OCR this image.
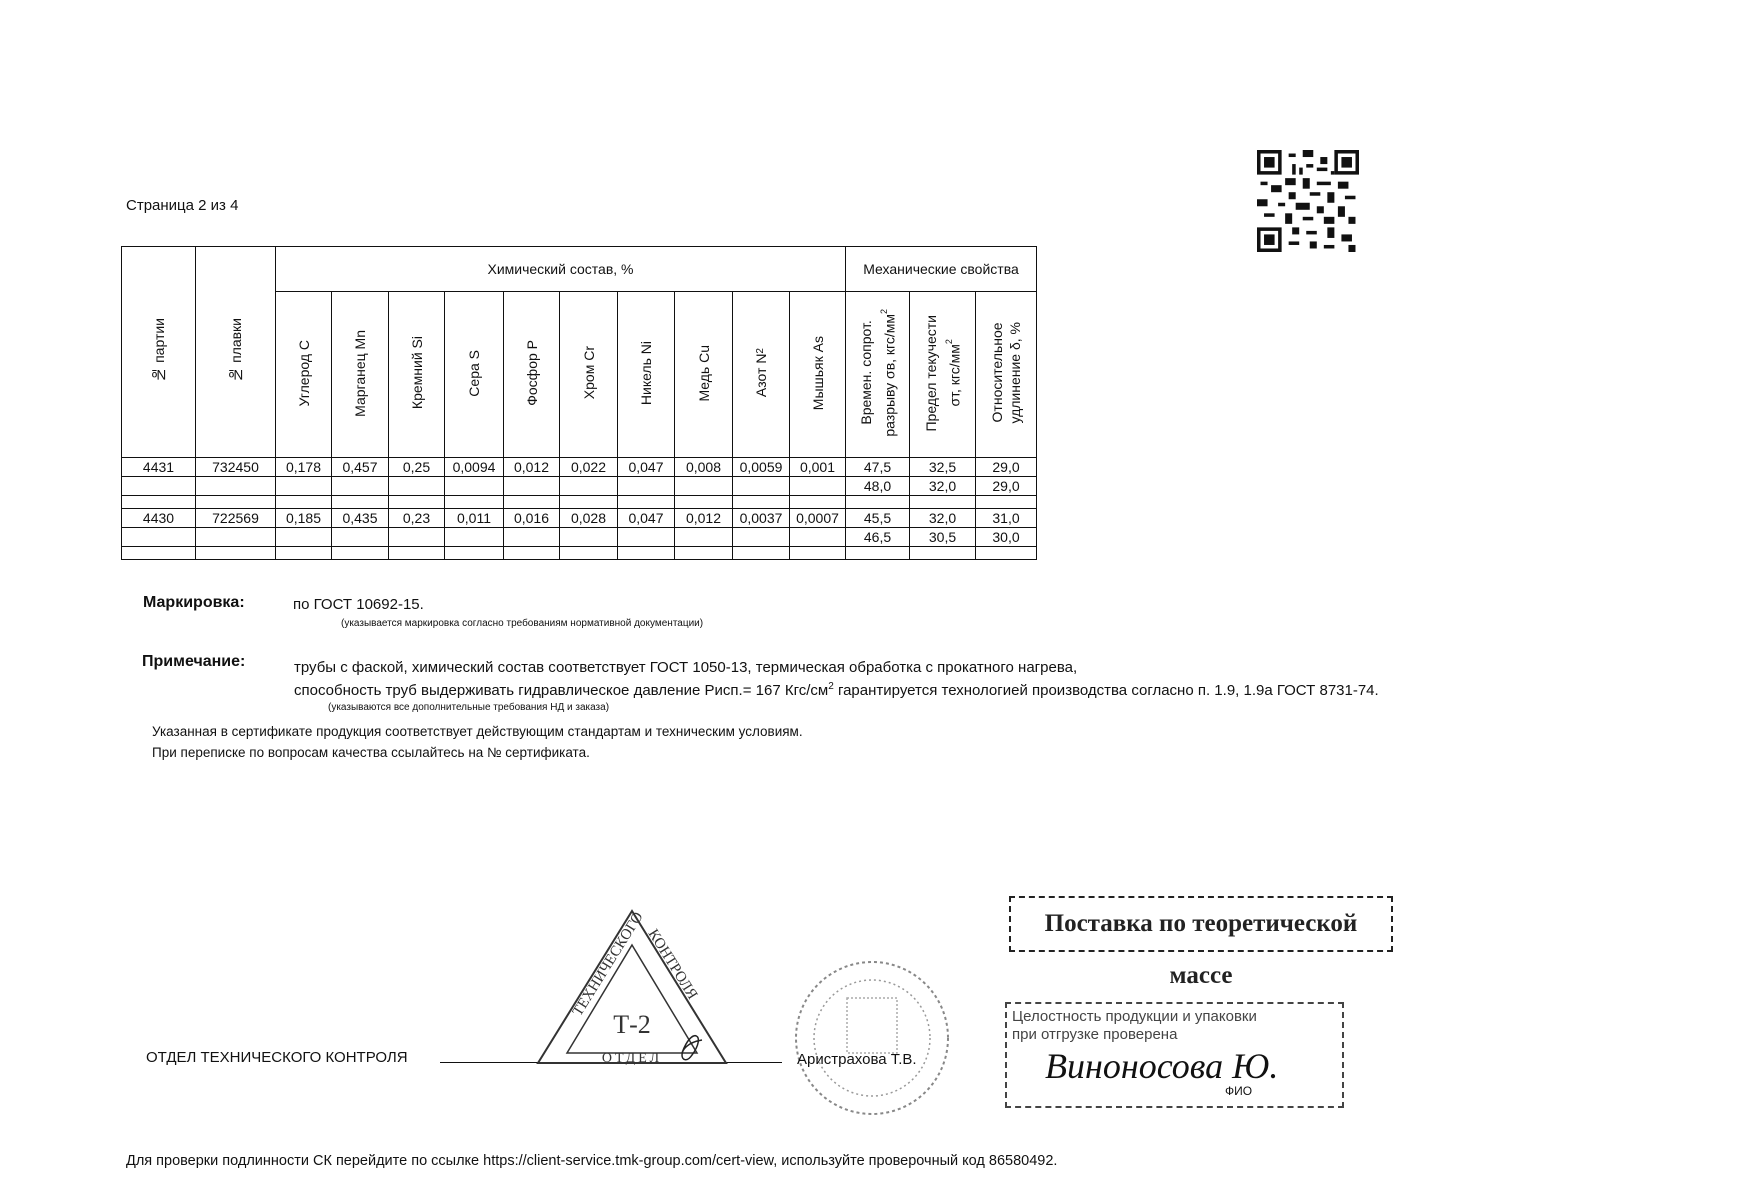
Страница 2 из 4
№ партии	№ плавки	Химический состав, %										Механические свойства		
		Углерод C	Марганец Mn	Кремний Si	Сера S	Фосфор P	Хром Cr	Никель Ni	Медь Cu	Азот N2	Мышьяк As	Времен. сопрот. разрыву σв, кгс/$мм^2$	Предел текучести σт, кгс/$мм^2$	Относительное удлинение δ, %
4431	732450	0,178	0,457	0,25	0,0094	0,012	0,022	0,047	0,008	0,0059	0,001	47,5	32,5	29,0
												48,0	32,0	29,0

4430	722569	0,185	0,435	0,23	0,011	0,016	0,028	0,047	0,012	0,0037	0,0007	45,5	32,0	31,0
												46,5	30,5	30,0

Маркировка:	по ГОСТ 10692-15.
(указывается маркировка согласно требованиям нормативной документации)
Примечание:	трубы с фаской, химический состав соответствует ГОСТ 1050-13, термическая обработка с прокатного нагрева,
способность труб выдерживать гидравлическое давление Рисп.= 167 Кгс/$см^2$ гарантируется технологией производства согласно п. 1.9, 1.9а ГОСТ 8731-74.
(указываются все дополнительные требования НД и заказа)
Указанная в сертификате продукция соответствует действующим стандартам и техническим условиям.
При переписке по вопросам качества ссылайтесь на № сертификата.
Поставка по теоретической массе
Целостность продукции и упаковки
при отгрузке проверена
Виноносова Ю.
ФИО
ОТДЕЛ ТЕХНИЧЕСКОГО КОНТРОЛЯ
ТЕХНИЧЕСКОГО
КОНТРОЛЯ
Т-2
ОТДЕЛ	Аристрахова Т.В.
Для проверки подлинности СК перейдите по ссылке https://client-service.tmk-group.com/cert-view, используйте проверочный код 86580492.
